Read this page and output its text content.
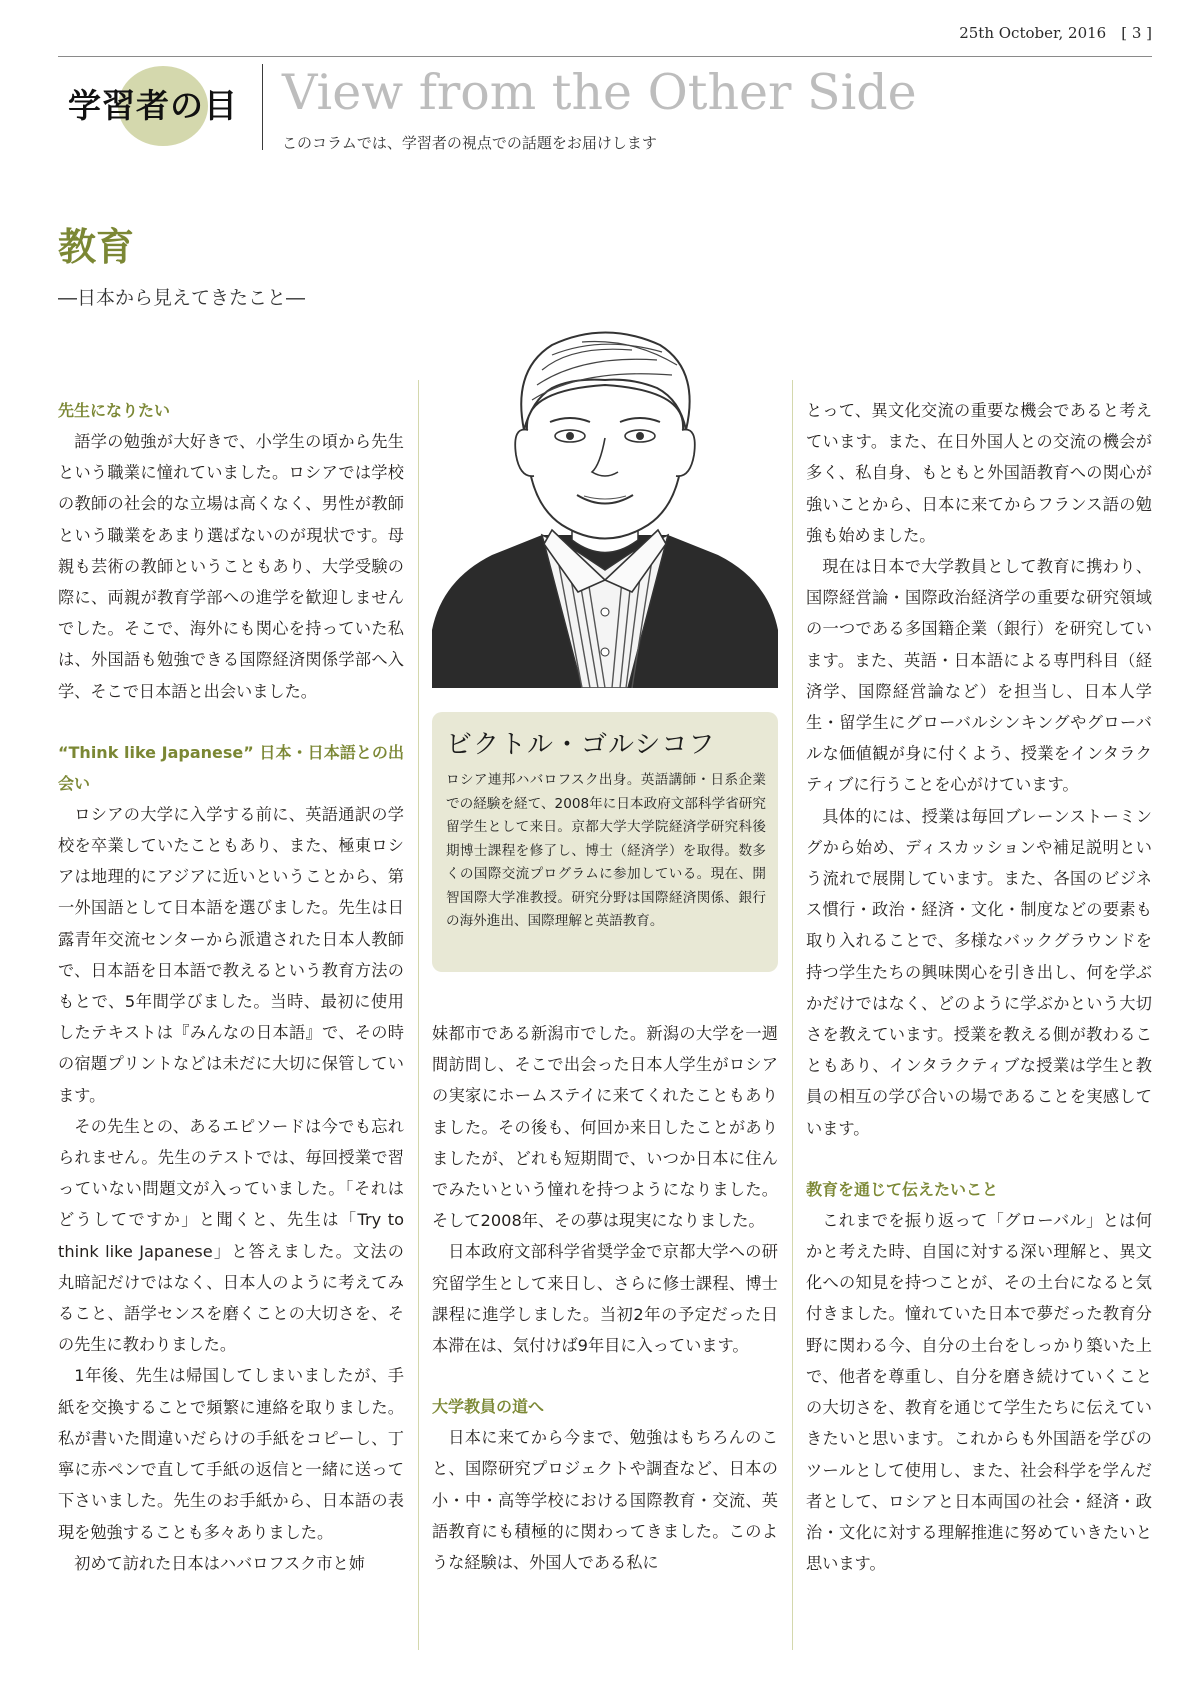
25th October, 2016　[ 3 ]
学習者の目 View from the Other Side
このコラムでは、学習者の視点での話題をお届けします
教育
―日本から見えてきたこと―
先生になりたい

語学の勉強が大好きで、小学生の頃から先生という職業に憧れていました。ロシアでは学校の教師の社会的な立場は高くなく、男性が教師という職業をあまり選ばないのが現状です。母親も芸術の教師ということもあり、大学受験の際に、両親が教育学部への進学を歓迎しませんでした。そこで、海外にも関心を持っていた私は、外国語も勉強できる国際経済関係学部へ入学、そこで日本語と出会いました。

“Think like Japanese” 日本・日本語との出会い

ロシアの大学に入学する前に、英語通訳の学校を卒業していたこともあり、また、極東ロシアは地理的にアジアに近いということから、第一外国語として日本語を選びました。先生は日露青年交流センターから派遣された日本人教師で、日本語を日本語で教えるという教育方法のもとで、5年間学びました。当時、最初に使用したテキストは『みんなの日本語』で、その時の宿題プリントなどは未だに大切に保管しています。

その先生との、あるエピソードは今でも忘れられません。先生のテストでは、毎回授業で習っていない問題文が入っていました。「それはどうしてですか」と聞くと、先生は「Try to think like Japanese」と答えました。文法の丸暗記だけではなく、日本人のように考えてみること、語学センスを磨くことの大切さを、その先生に教わりました。

1年後、先生は帰国してしまいましたが、手紙を交換することで頻繁に連絡を取りました。私が書いた間違いだらけの手紙をコピーし、丁寧に赤ペンで直して手紙の返信と一緒に送って下さいました。先生のお手紙から、日本語の表現を勉強することも多々ありました。

初めて訪れた日本はハバロフスク市と姉

ビクトル・ゴルシコフ

ロシア連邦ハバロフスク出身。英語講師・日系企業での経験を経て、2008年に日本政府文部科学省研究留学生として来日。京都大学大学院経済学研究科後期博士課程を修了し、博士（経済学）を取得。数多くの国際交流プログラムに参加している。現在、開智国際大学准教授。研究分野は国際経済関係、銀行の海外進出、国際理解と英語教育。

妹都市である新潟市でした。新潟の大学を一週間訪問し、そこで出会った日本人学生がロシアの実家にホームステイに来てくれたこともありました。その後も、何回か来日したことがありましたが、どれも短期間で、いつか日本に住んでみたいという憧れを持つようになりました。そして2008年、その夢は現実になりました。

日本政府文部科学省奨学金で京都大学への研究留学生として来日し、さらに修士課程、博士課程に進学しました。当初2年の予定だった日本滞在は、気付けば9年目に入っています。

大学教員の道へ

日本に来てから今まで、勉強はもちろんのこと、国際研究プロジェクトや調査など、日本の小・中・高等学校における国際教育・交流、英語教育にも積極的に関わってきました。このような経験は、外国人である私に

とって、異文化交流の重要な機会であると考えています。また、在日外国人との交流の機会が多く、私自身、もともと外国語教育への関心が強いことから、日本に来てからフランス語の勉強も始めました。

現在は日本で大学教員として教育に携わり、国際経営論・国際政治経済学の重要な研究領域の一つである多国籍企業（銀行）を研究しています。また、英語・日本語による専門科目（経済学、国際経営論など）を担当し、日本人学生・留学生にグローバルシンキングやグローバルな価値観が身に付くよう、授業をインタラクティブに行うことを心がけています。

具体的には、授業は毎回ブレーンストーミングから始め、ディスカッションや補足説明という流れで展開しています。また、各国のビジネス慣行・政治・経済・文化・制度などの要素も取り入れることで、多様なバックグラウンドを持つ学生たちの興味関心を引き出し、何を学ぶかだけではなく、どのように学ぶかという大切さを教えています。授業を教える側が教わることもあり、インタラクティブな授業は学生と教員の相互の学び合いの場であることを実感しています。

教育を通じて伝えたいこと

これまでを振り返って「グローバル」とは何かと考えた時、自国に対する深い理解と、異文化への知見を持つことが、その土台になると気付きました。憧れていた日本で夢だった教育分野に関わる今、自分の土台をしっかり築いた上で、他者を尊重し、自分を磨き続けていくことの大切さを、教育を通じて学生たちに伝えていきたいと思います。これからも外国語を学びのツールとして使用し、また、社会科学を学んだ者として、ロシアと日本両国の社会・経済・政治・文化に対する理解推進に努めていきたいと思います。
